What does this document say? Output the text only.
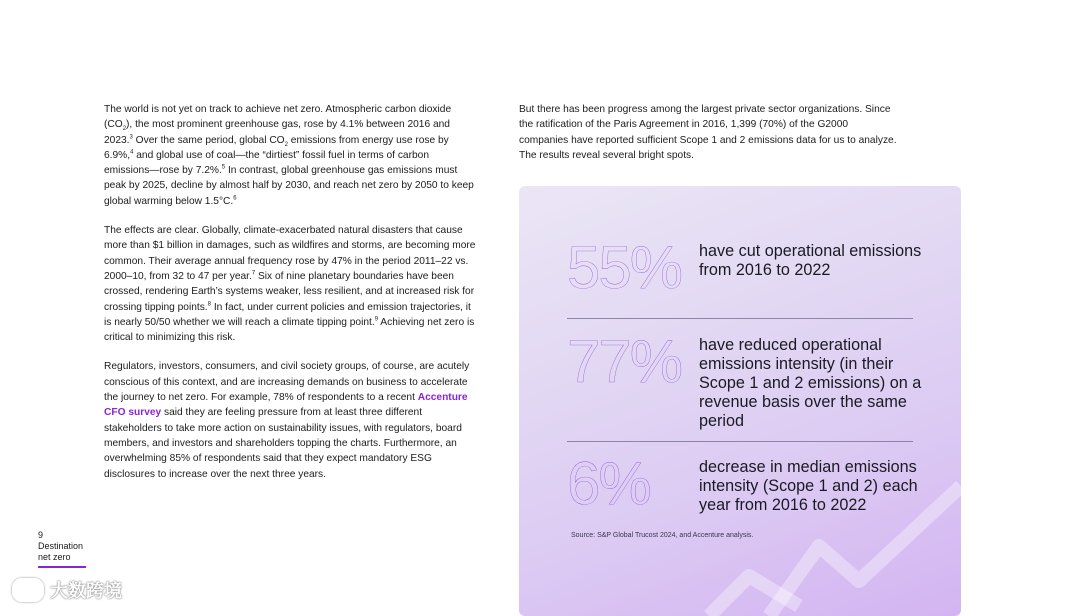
The world is not yet on track to achieve net zero. Atmospheric carbon dioxide $(CO_2)$, the most prominent greenhouse gas, rose by 4.1% between 2016 and 2023.$^3$ Over the same period, global $CO_2$ emissions from energy use rose by 6.9%,$^4$ and global use of coal—the “dirtiest” fossil fuel in terms of carbon emissions—rose by 7.2%.$^5$ In contrast, global greenhouse gas emissions must peak by 2025, decline by almost half by 2030, and reach net zero by 2050 to keep global warming below 1.5°C.$^6$

The effects are clear. Globally, climate-exacerbated natural disasters that cause more than $1 billion in damages, such as wildfires and storms, are becoming more common. Their average annual frequency rose by 47% in the period 2011–22 vs. 2000–10, from 32 to 47 per year.$^7$ Six of nine planetary boundaries have been crossed, rendering Earth’s systems weaker, less resilient, and at increased risk for crossing tipping points.$^8$ In fact, under current policies and emission trajectories, it is nearly 50/50 whether we will reach a climate tipping point.$^9$ Achieving net zero is critical to minimizing this risk.

Regulators, investors, consumers, and civil society groups, of course, are acutely conscious of this context, and are increasing demands on business to accelerate the journey to net zero. For example, 78% of respondents to a recent Accenture CFO survey said they are feeling pressure from at least three different stakeholders to take more action on sustainability issues, with regulators, board members, and investors and shareholders topping the charts. Furthermore, an overwhelming 85% of respondents said that they expect mandatory ESG disclosures to increase over the next three years.

But there has been progress among the largest private sector organizations. Since the ratification of the Paris Agreement in 2016, 1,399 (70%) of the G2000 companies have reported sufficient Scope 1 and 2 emissions data for us to analyze. The results reveal several bright spots.

55% have cut operational emissions from 2016 to 2022
77% have reduced operational emissions intensity (in their Scope 1 and 2 emissions) on a revenue basis over the same period
6%	decrease in median emissions intensity (Scope 1 and 2) each year from 2016 to 2022
Source: S&P Global Trucost 2024, and Accenture analysis.
9
Destination
net zero
大数跨境
